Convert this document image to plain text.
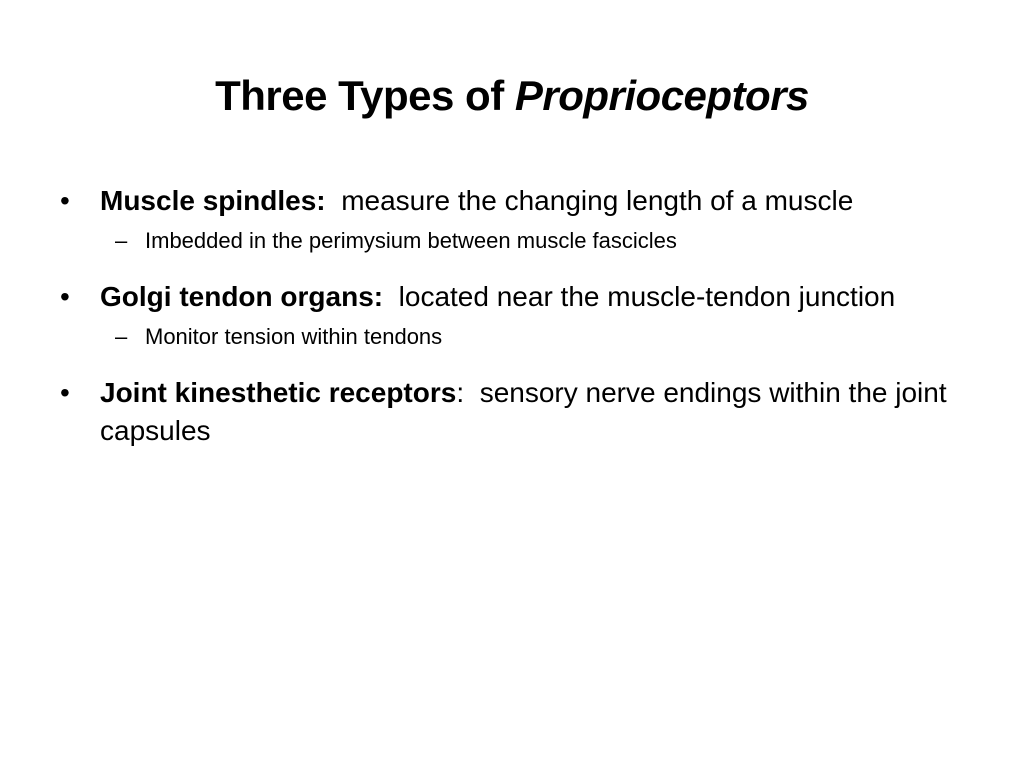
Three Types of Proprioceptors

• Muscle spindles: measure the changing length of a muscle

– Imbedded in the perimysium between muscle fascicles

• Golgi tendon organs: located near the muscle-tendon junction

– Monitor tension within tendons

• Joint kinesthetic receptors:  sensory nerve endings within the joint capsules
